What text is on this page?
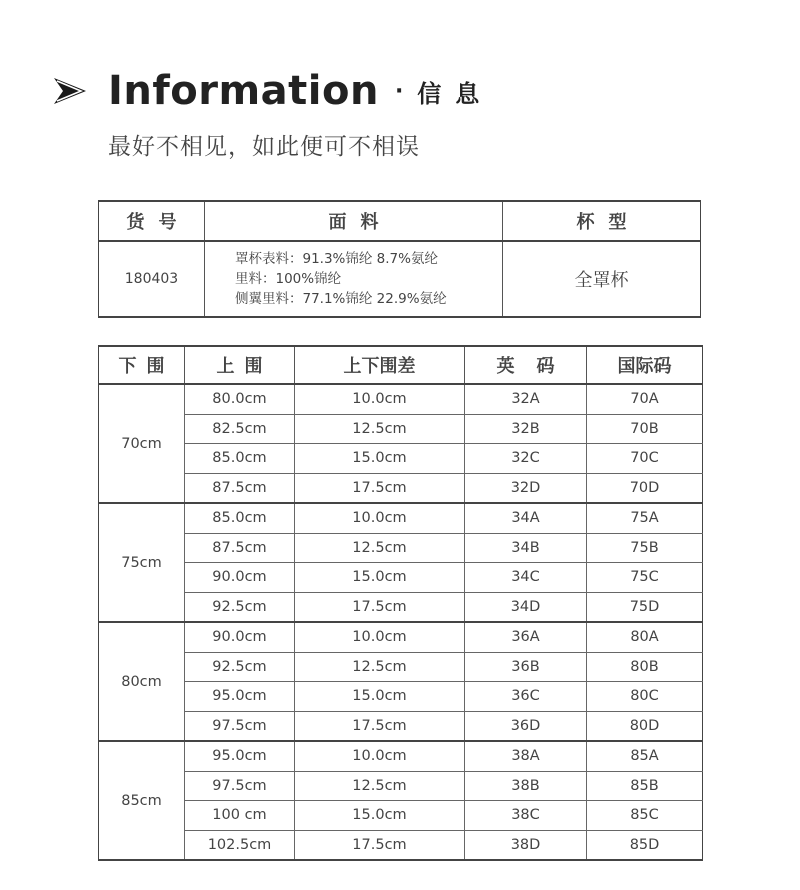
Information · 信息
最好不相见，如此便可不相误
货号	面料	杯型
180403	罩杯表料：91.3%锦纶 8.7%氨纶
里料：100%锦纶
侧翼里料：77.1%锦纶 22.9%氨纶	全罩杯
下围	上围	上下围差	英码	国际码
70cm	80.0cm	10.0cm	32A	70A
	82.5cm	12.5cm	32B	70B
	85.0cm	15.0cm	32C	70C
	87.5cm	17.5cm	32D	70D
75cm	85.0cm	10.0cm	34A	75A
	87.5cm	12.5cm	34B	75B
	90.0cm	15.0cm	34C	75C
	92.5cm	17.5cm	34D	75D
80cm	90.0cm	10.0cm	36A	80A
	92.5cm	12.5cm	36B	80B
	95.0cm	15.0cm	36C	80C
	97.5cm	17.5cm	36D	80D
85cm	95.0cm	10.0cm	38A	85A
	97.5cm	12.5cm	38B	85B
	100 cm	15.0cm	38C	85C
	102.5cm	17.5cm	38D	85D
